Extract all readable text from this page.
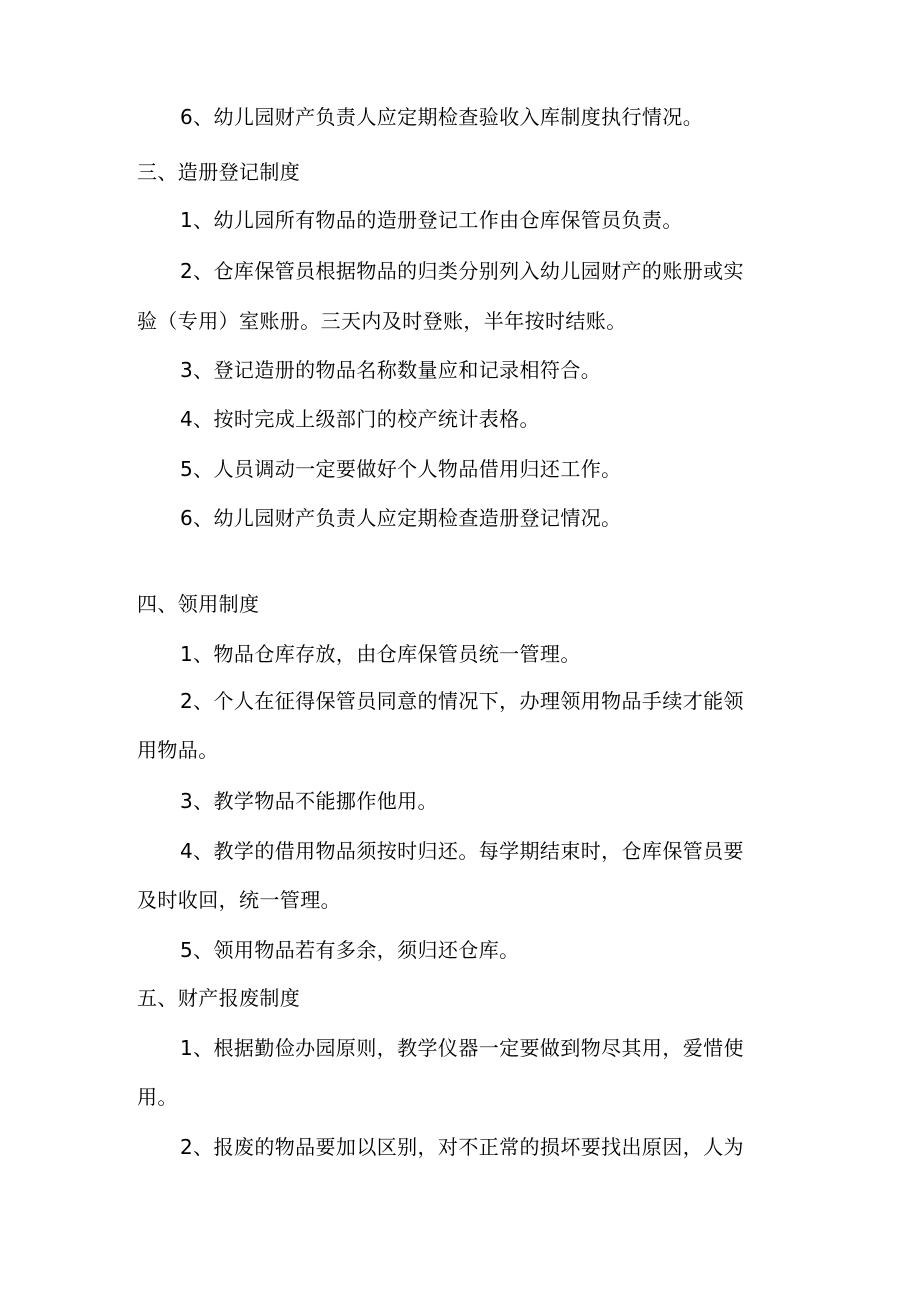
6、幼儿园财产负责人应定期检查验收入库制度执行情况。
三、造册登记制度
1、幼儿园所有物品的造册登记工作由仓库保管员负责。
2、仓库保管员根据物品的归类分别列入幼儿园财产的账册或实
验（专用）室账册。三天内及时登账，半年按时结账。
3、登记造册的物品名称数量应和记录相符合。
4、按时完成上级部门的校产统计表格。
5、人员调动一定要做好个人物品借用归还工作。
6、幼儿园财产负责人应定期检查造册登记情况。
四、领用制度
1、物品仓库存放，由仓库保管员统一管理。
2、个人在征得保管员同意的情况下，办理领用物品手续才能领
用物品。
3、教学物品不能挪作他用。
4、教学的借用物品须按时归还。每学期结束时，仓库保管员要
及时收回，统一管理。
5、领用物品若有多余，须归还仓库。
五、财产报废制度
1、根据勤俭办园原则，教学仪器一定要做到物尽其用，爱惜使
用。
2、报废的物品要加以区别，对不正常的损坏要找出原因，人为
